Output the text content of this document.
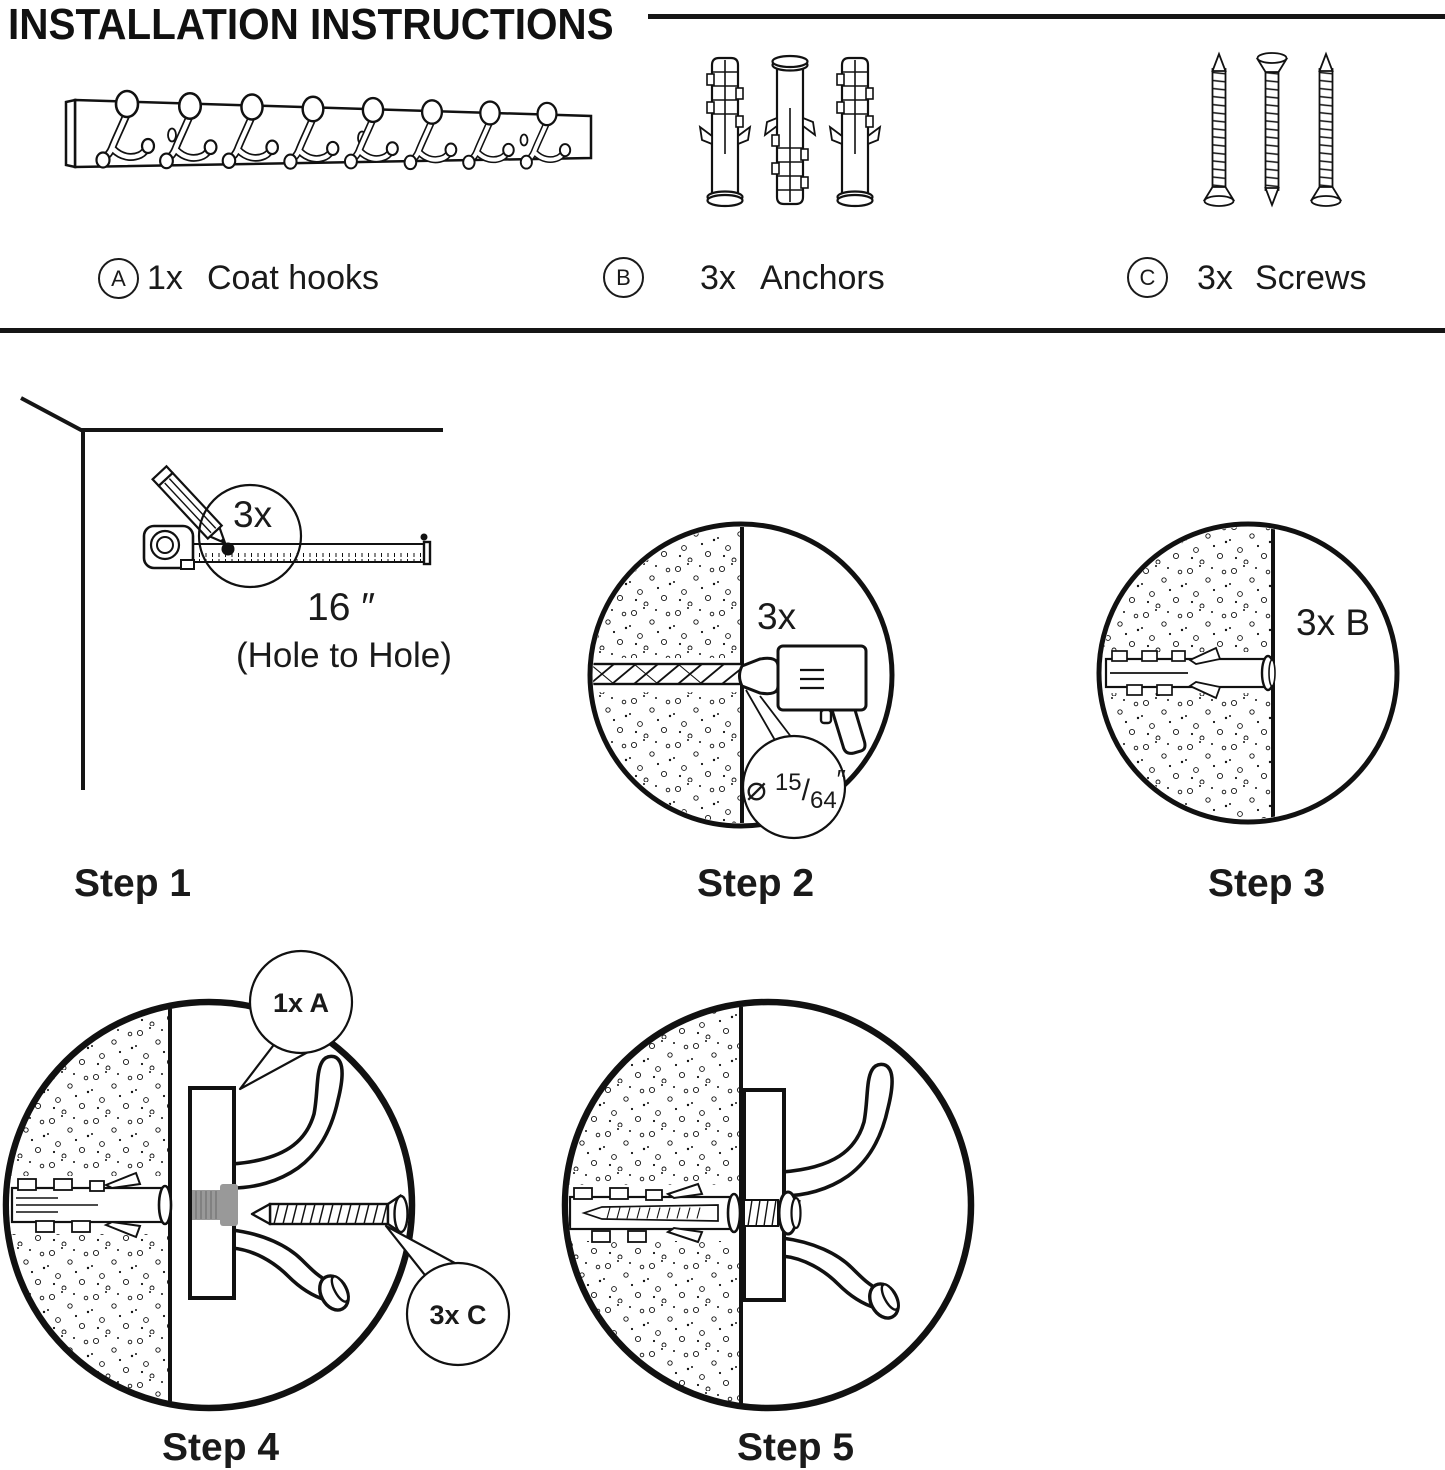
INSTALLATION INSTRUCTIONS
A 1x Coat hooks	B	3x Anchors	C	3x Screws
3x
16 ″
(Hole to Hole)
Step 1
3x
⌀ $^{15}/_{64}''$
Step 2
3x B
Step 3
1x A
3x C
Step 4	Step 5
